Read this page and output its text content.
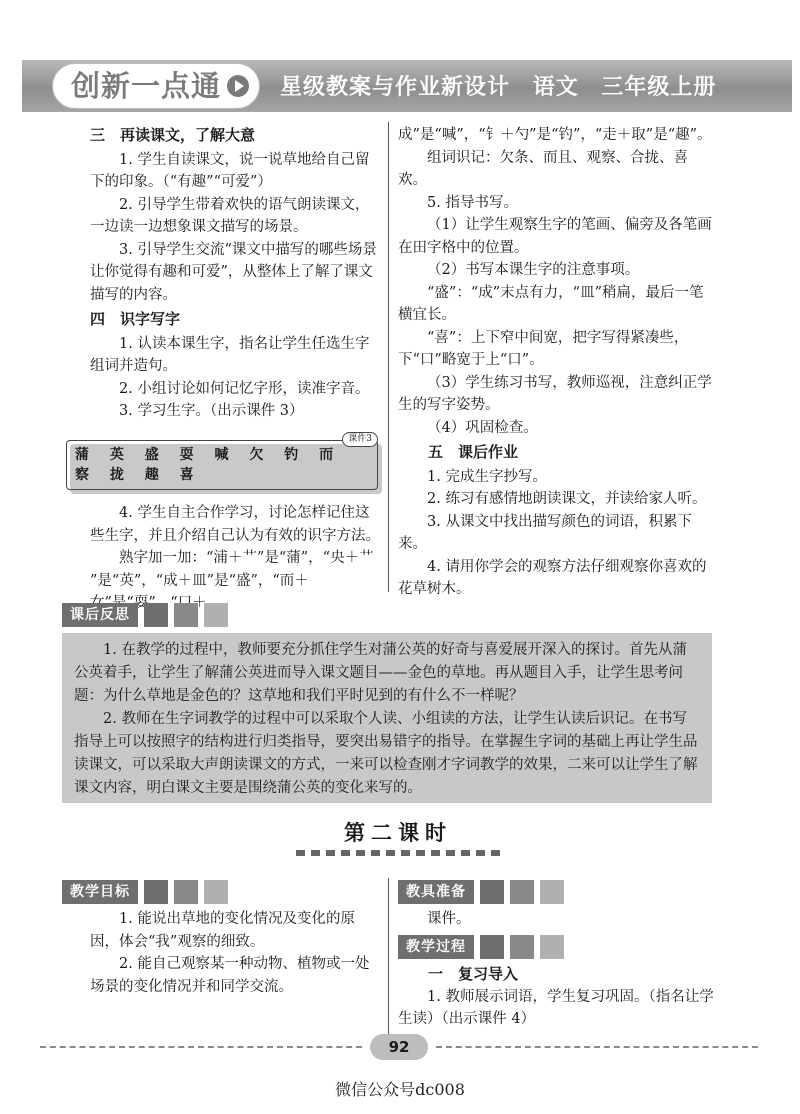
创新一点通	星级教案与作业新设计 语文 三年级上册

三　再读课文，了解大意

1. 学生自读课文，说一说草地给自己留下的印象。（“有趣”“可爱”）

2. 引导学生带着欢快的语气朗读课文，一边读一边想象课文描写的场景。

3. 引导学生交流“课文中描写的哪些场景让你觉得有趣和可爱”，从整体上了解了课文描写的内容。

四　识字写字

1. 认读本课生字，指名让学生任选生字组词并造句。

2. 小组讨论如何记忆字形，读准字音。

3. 学习生字。（出示课件 3）

课件3
蒲 英 盛 耍 喊 欠 钓 而 察 拢 趣 喜

4. 学生自主合作学习，讨论怎样记住这些生字，并且介绍自己认为有效的识字方法。

熟字加一加：“浦＋艹”是“蒲”，“央＋艹 ”是“英”，“成＋皿”是“盛”，“而＋ 耍 ＋

成”是“喊”，“钅＋勺”是“钓”，“走＋取”是“趣”。

组词识记：欠条、而且、观察、合拢、喜欢。

5. 指导书写。

（1）让学生观察生字的笔画、偏旁及各笔画在田字格中的位置。

（2）书写本课生字的注意事项。

“盛”：“成”末点有力，“皿”稍扁，最后一笔横宜长。

“喜”：上下窄中间宽，把字写得紧凑些，下“口”略宽于上“口”。

（3）学生练习书写，教师巡视，注意纠正学生的写字姿势。

（4）巩固检查。

五　课后作业

1. 完成生字抄写。

2. 练习有感情地朗读课文，并读给家人听。

3. 从课文中找出描写颜色的词语，积累下来。

4. 请用你学会的观察方法仔细观察你喜欢的花草树木。

课后反思

1. 在教学的过程中，教师要充分抓住学生对蒲公英的好奇与喜爱展开深入的探讨。首先从蒲公英着手，让学生了解蒲公英进而导入课文题目——金色的草地。再从题目入手，让学生思考问题：为什么草地是金色的？这草地和我们平时见到的有什么不一样呢？

2. 教师在生字词教学的过程中可以采取个人读、小组读的方法，让学生认读后识记。在书写指导上可以按照字的结构进行归类指导，要突出易错字的指导。在掌握生字词的基础上再让学生品读课文，可以采取大声朗读课文的方式，一来可以检查刚才字词教学的效果，二来可以让学生了解课文内容，明白课文主要是围绕蒲公英的变化来写的。

第二课时
教学目标

1. 能说出草地的变化情况及变化的原因，体会“我”观察的细致。

2. 能自己观察某一种动物、植物或一处场景的变化情况并和同学交流。

教具准备

课件。

教学过程

一　复习导入

1. 教师展示词语，学生复习巩固。（指名让学生读）（出示课件 4）

92
微信公众号dc008
